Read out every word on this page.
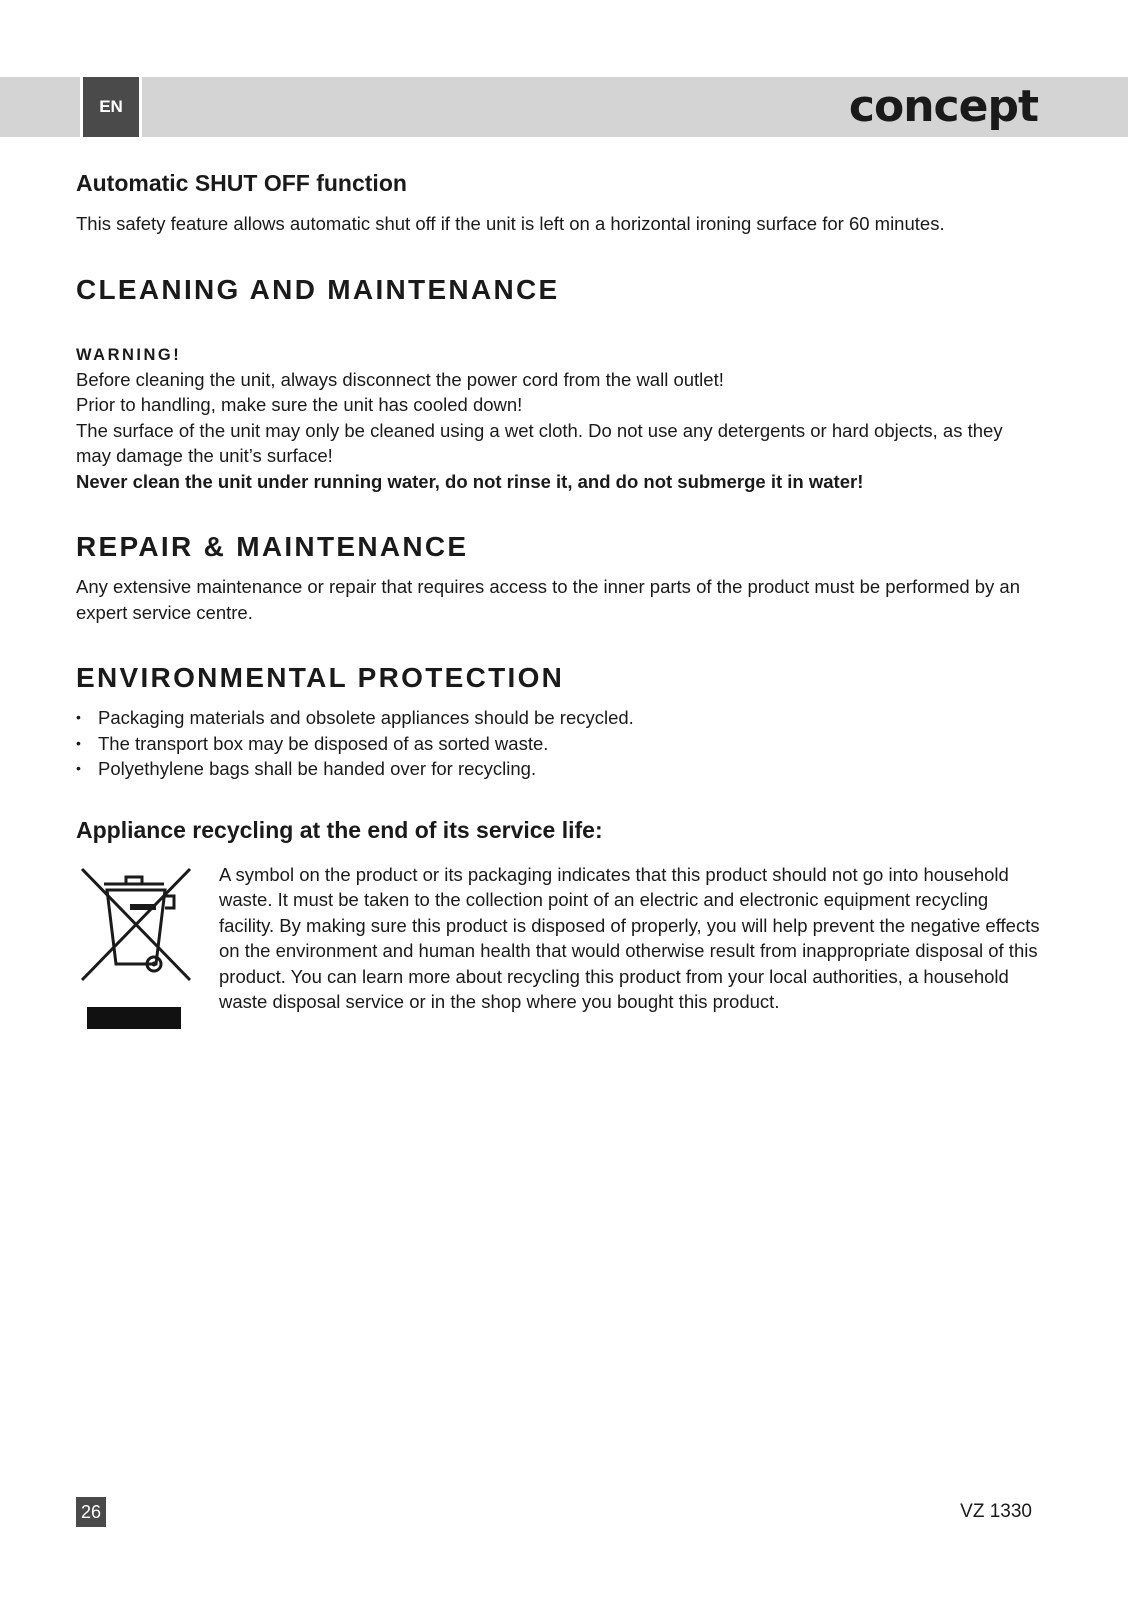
EN	concept
Automatic SHUT OFF function

This safety feature allows automatic shut off if the unit is left on a horizontal ironing surface for 60 minutes.

CLEANING AND MAINTENANCE
WARNING!

Before cleaning the unit, always disconnect the power cord from the wall outlet!

Prior to handling, make sure the unit has cooled down!

The surface of the unit may only be cleaned using a wet cloth. Do not use any detergents or hard objects, as they may damage the unit’s surface!

Never clean the unit under running water, do not rinse it, and do not submerge it in water!

REPAIR & MAINTENANCE

Any extensive maintenance or repair that requires access to the inner parts of the product must be performed by an expert service centre.

ENVIRONMENTAL PROTECTION
• Packaging materials and obsolete appliances should be recycled.
• The transport box may be disposed of as sorted waste.
• Polyethylene bags shall be handed over for recycling.
Appliance recycling at the end of its service life:

A symbol on the product or its packaging indicates that this product should not go into household waste. It must be taken to the collection point of an electric and electronic equipment recycling facility. By making sure this product is disposed of properly, you will help prevent the negative effects on the environment and human health that would otherwise result from inappropriate disposal of this product. You can learn more about recycling this product from your local authorities, a household waste disposal service or in the shop where you bought this product.

26	VZ 1330
